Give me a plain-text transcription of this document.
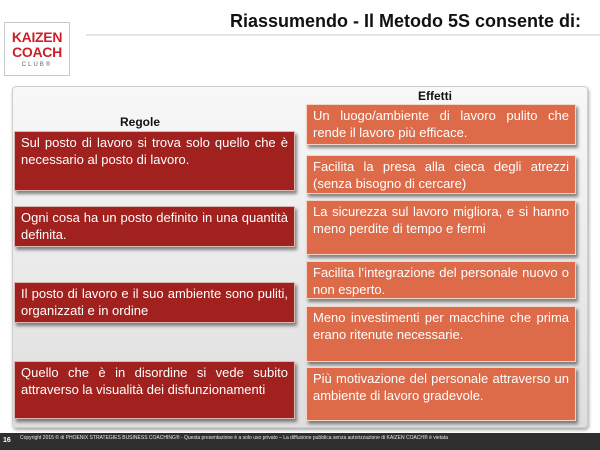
KAIZEN
COACH
CLUB®
Riassumendo - Il Metodo 5S consente di:
Regole
Effetti
Sul posto di lavoro si trova solo quello che è necessario al posto di lavoro.
Ogni cosa ha un posto definito in una quantità definita.
Il posto di lavoro e il suo ambiente sono puliti, organizzati e in ordine
Quello che è in disordine si vede subito attraverso la visualità dei disfunzionamenti
Un luogo/ambiente di lavoro pulito che rende il lavoro più efficace.
Facilita la presa alla cieca degli atrezzi (senza bisogno di cercare)
La sicurezza sul lavoro migliora, e si hanno meno perdite di tempo e fermi
Facilita l’integrazione del personale nuovo o non esperto.
Meno investimenti per macchine che prima erano ritenute necessarie.
Più motivazione del personale attraverso un ambiente di lavoro gradevole.
16 Copyright 2015 © di PHOENIX STRATEGIES BUSINESS COACHING® - Questa presentazione è a solo uso privato – La diffusione pubblica senza autorizzazione di KAIZEN COACH® è vietata
